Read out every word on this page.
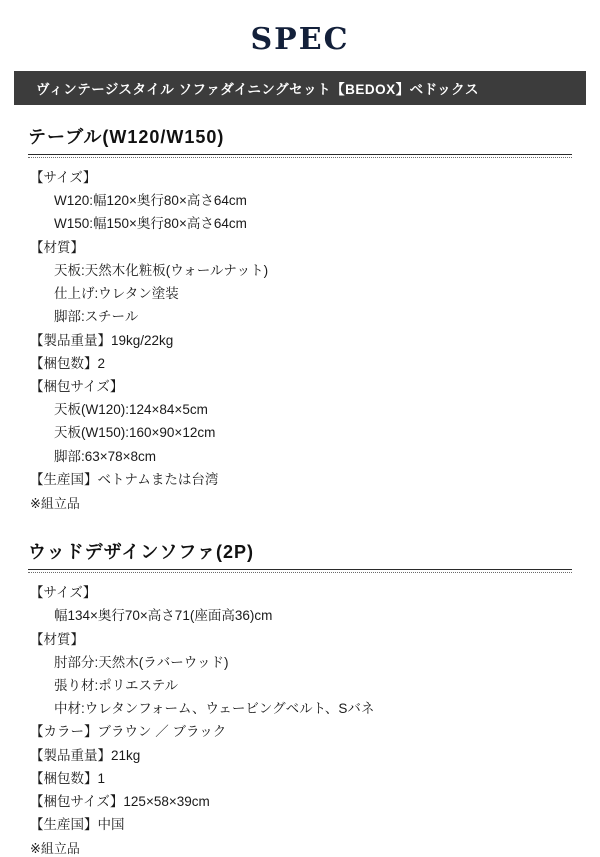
SPEC
ヴィンテージスタイル ソファダイニングセット【BEDOX】ベドックス
テーブル(W120/W150)
【サイズ】
W120:幅120×奥行80×高さ64cm
W150:幅150×奥行80×高さ64cm
【材質】
天板:天然木化粧板(ウォールナット)
仕上げ:ウレタン塗装
脚部:スチール
【製品重量】19kg/22kg
【梱包数】2
【梱包サイズ】
天板(W120):124×84×5cm
天板(W150):160×90×12cm
脚部:63×78×8cm
【生産国】ベトナムまたは台湾
※組立品
ウッドデザインソファ(2P)
【サイズ】
幅134×奥行70×高さ71(座面高36)cm
【材質】
肘部分:天然木(ラバーウッド)
張り材:ポリエステル
中材:ウレタンフォーム、ウェービングベルト、Sバネ
【カラー】ブラウン ／ ブラック
【製品重量】21kg
【梱包数】1
【梱包サイズ】125×58×39cm
【生産国】中国
※組立品
